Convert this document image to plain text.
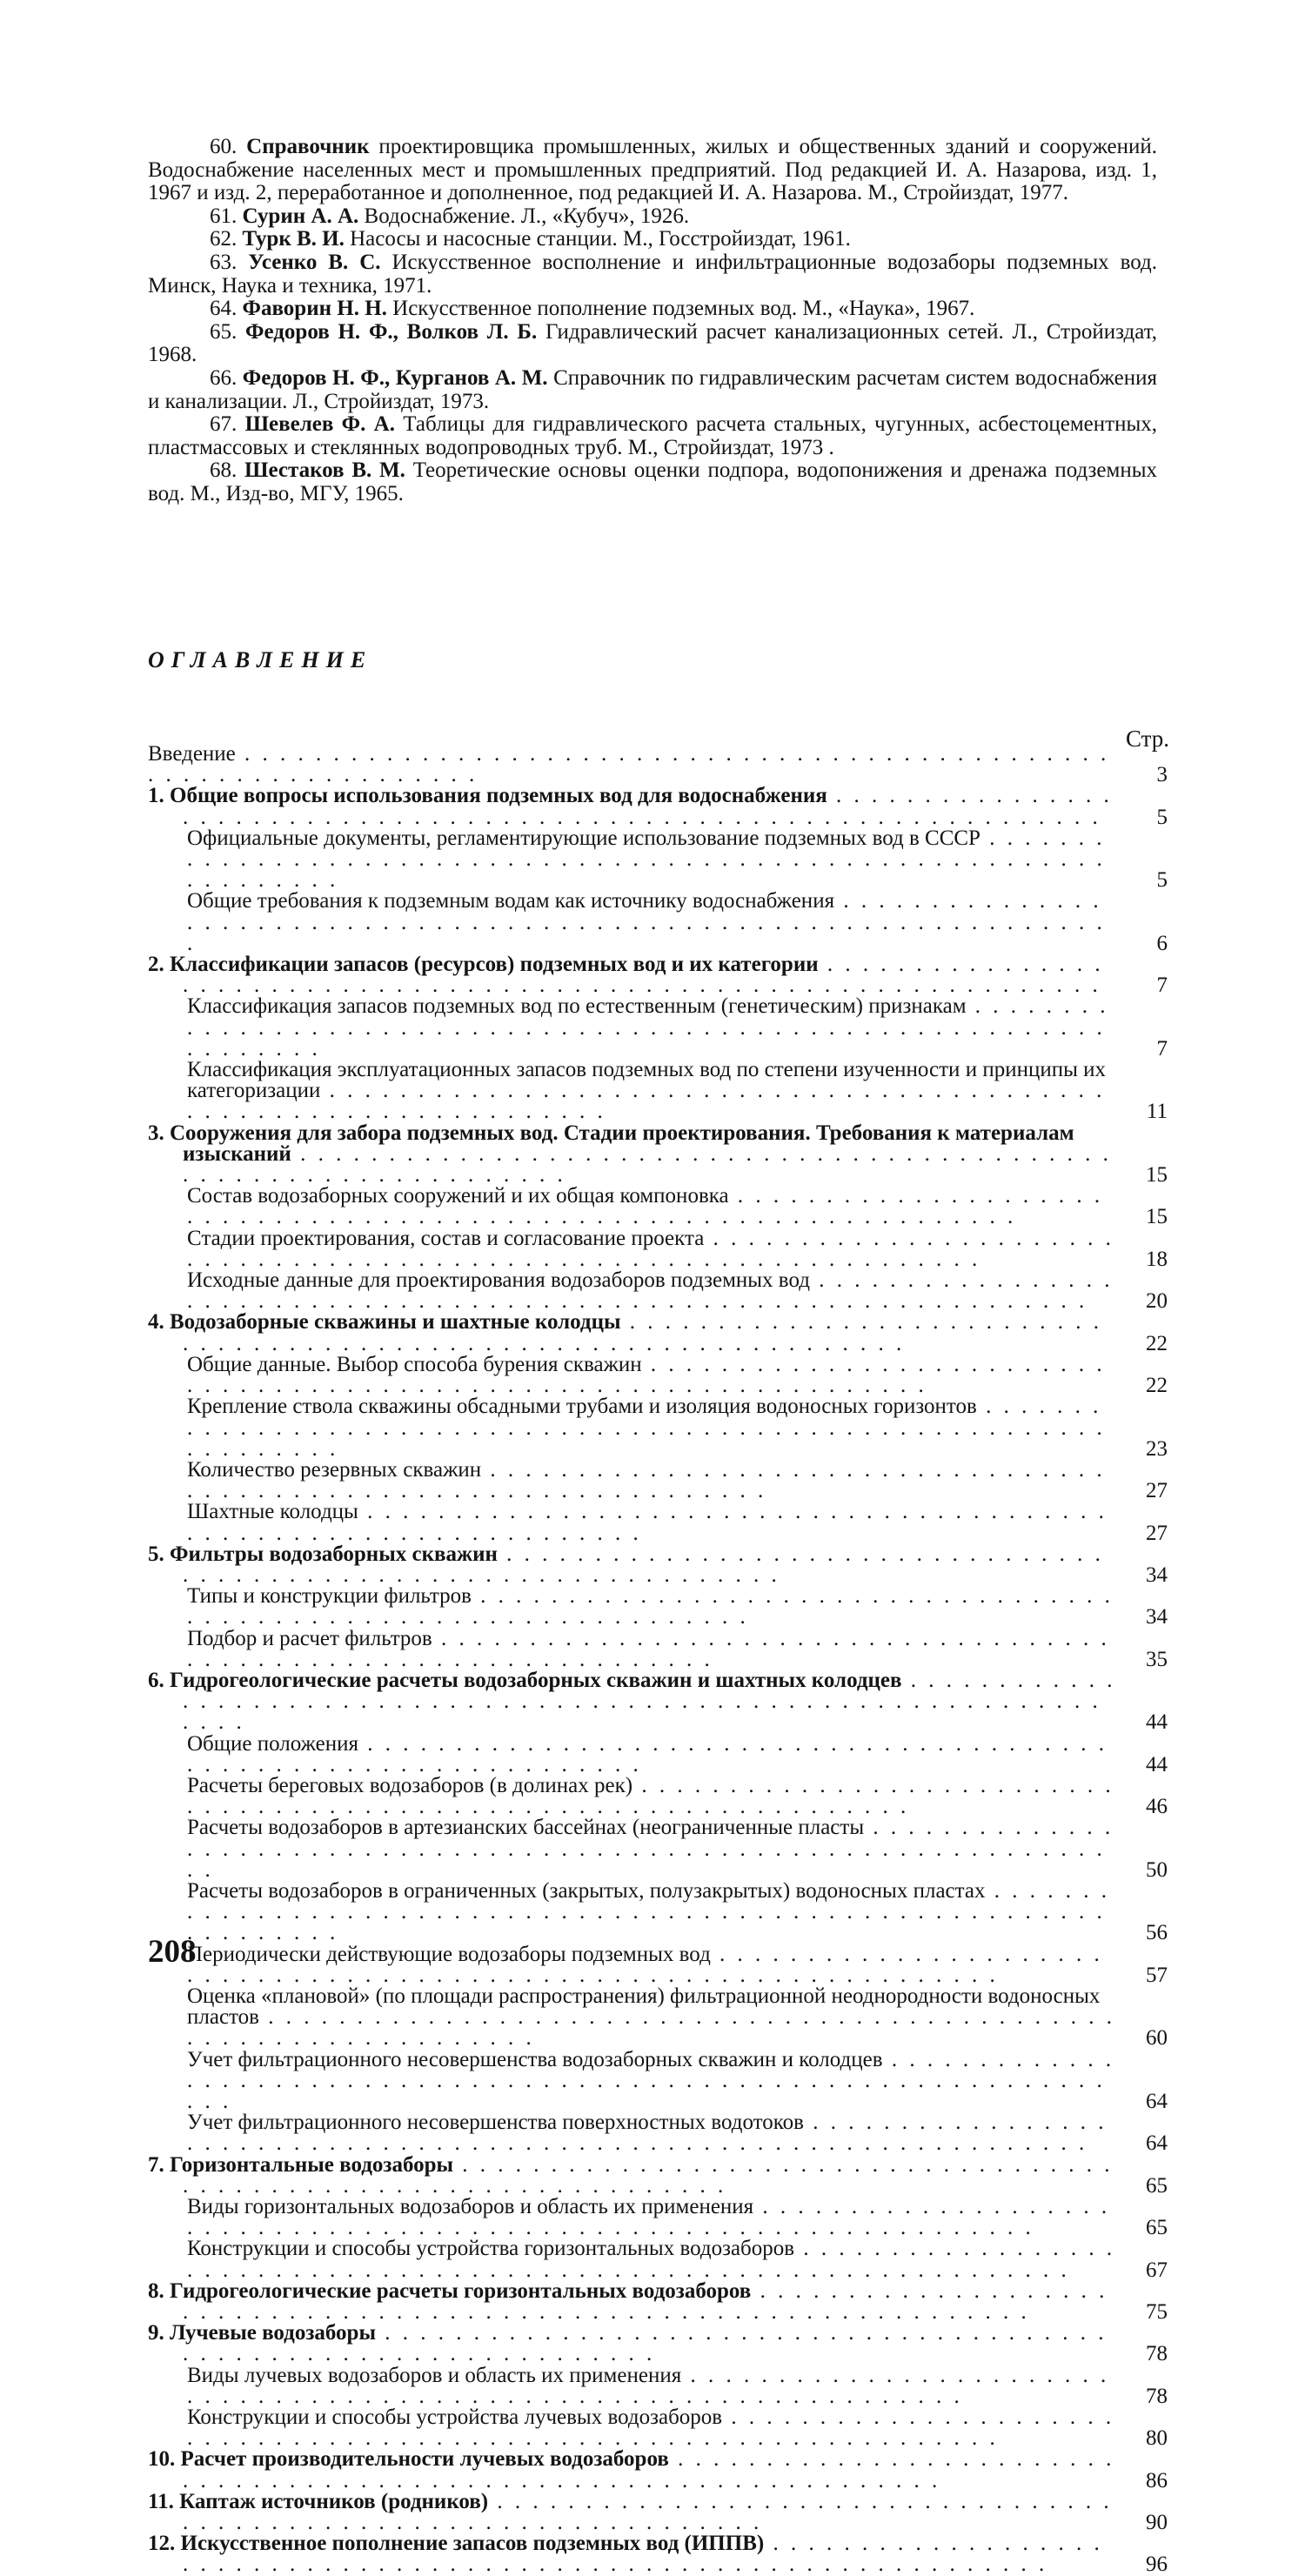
60. Справочник проектировщика промышленных, жилых и общественных зданий и сооружений. Водоснабжение населенных мест и промышленных предприятий. Под редакцией И. А. Назарова, изд. 1, 1967 и изд. 2, переработанное и дополненное, под редакцией И. А. Назарова. М., Стройиздат, 1977.

61. Сурин А. А. Водоснабжение. Л., «Кубуч», 1926.

62. Турк В. И. Насосы и насосные станции. М., Госстройиздат, 1961.

63. Усенко В. С. Искусственное восполнение и инфильтрационные водозаборы подземных вод. Минск, Наука и техника, 1971.

64. Фаворин Н. Н. Искусственное пополнение подземных вод. М., «Наука», 1967.

65. Федоров Н. Ф., Волков Л. Б. Гидравлический расчет канализационных сетей. Л., Стройиздат, 1968.

66. Федоров Н. Ф., Курганов А. М. Справочник по гидравлическим расчетам систем водоснабжения и канализации. Л., Стройиздат, 1973.

67. Шевелев Ф. А. Таблицы для гидравлического расчета стальных, чугунных, асбестоцементных, пластмассовых и стеклянных водопроводных труб. М., Стройиздат, 1973 .

68. Шестаков В. М. Теоретические основы оценки подпора, водопонижения и дренажа подземных вод. М., Изд-во, МГУ, 1965.

ОГЛАВЛЕНИЕ
Стр.
Введение . . .
3
1. Общие вопросы использования подземных вод для водоснабжения . . .
5
Официальные документы, регламентирующие использование подземных вод в СССР . . .
5
Общие требования к подземным водам как источнику водоснабжения . . .
6
2. Классификации запасов (ресурсов) подземных вод и их категории . . .
7
Классификация запасов подземных вод по естественным (генетическим) признакам . . .
7
Классификация эксплуатационных запасов подземных вод по степени изученности и принципы их категоризации . . .
11
3. Сооружения для забора подземных вод. Стадии проектирования. Требования к материалам изысканий . . .
15
Состав водозаборных сооружений и их общая компоновка . . .
15
Стадии проектирования, состав и согласование проекта . . .
18
Исходные данные для проектирования водозаборов подземных вод . . .
20
4. Водозаборные скважины и шахтные колодцы . . .
22
Общие данные. Выбор способа бурения скважин . . .
22
Крепление ствола скважины обсадными трубами и изоляция водоносных горизонтов . . .
23
Количество резервных скважин . . .
27
Шахтные колодцы . . .
27
5. Фильтры водозаборных скважин . . .
34
Типы и конструкции фильтров . . .
34
Подбор и расчет фильтров . . .
35
6. Гидрогеологические расчеты водозаборных скважин и шахтных колодцев . . .
44
Общие положения . . .
44
Расчеты береговых водозаборов (в долинах рек) . . .
46
Расчеты водозаборов в артезианских бассейнах (неограниченные пласты . . .
50
Расчеты водозаборов в ограниченных (закрытых, полузакрытых) водоносных пластах . . .
56
Периодически действующие водозаборы подземных вод . . .
57
Оценка «плановой» (по площади распространения) фильтрационной неоднородности водоносных пластов . . .
60
Учет фильтрационного несовершенства водозаборных скважин и колодцев . . .
64
Учет фильтрационного несовершенства поверхностных водотоков . . .
64
7. Горизонтальные водозаборы . . .
65
Виды горизонтальных водозаборов и область их применения . . .
65
Конструкции и способы устройства горизонтальных водозаборов . . .
67
8. Гидрогеологические расчеты горизонтальных водозаборов . . .
75
9. Лучевые водозаборы . . .
78
Виды лучевых водозаборов и область их применения . . .
78
Конструкции и способы устройства лучевых водозаборов . . .
80
10. Расчет производительности лучевых водозаборов . . .
86
11. Каптаж источников (родников) . . .
90
12. Искусственное пополнение запасов подземных вод (ИППВ) . . .
96
208
